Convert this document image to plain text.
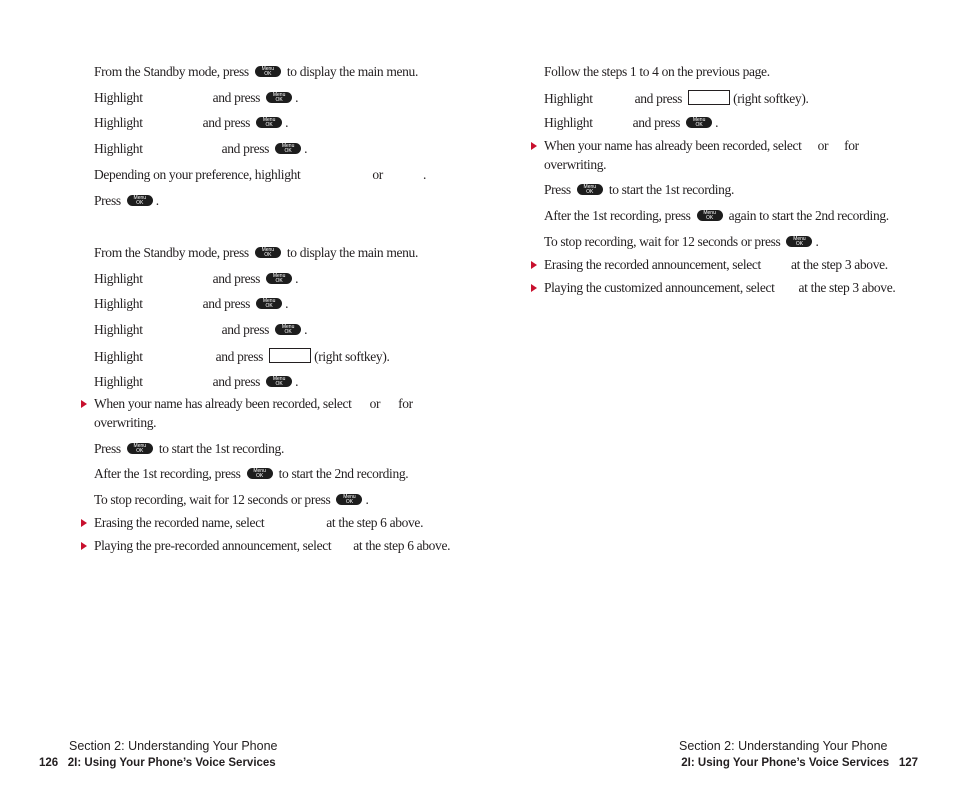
From the Standby mode, press	Menu
OK	to display the main menu.
Highlight	and press	Menu
OK .
Highlight	and press	Menu
OK .
Highlight	and press	Menu
OK .
Depending on your preference, highlight	or	.
Press	Menu
OK .
From the Standby mode, press	Menu
OK	to display the main menu.
Highlight	and press	Menu
OK .
Highlight	and press	Menu
OK .
Highlight	and press	Menu
OK .
Highlight	and press	(right softkey).
Highlight	and press	Menu
OK .
When your name has already been recorded, select or for
overwriting.
Press	Menu
OK	to start the 1st recording.
After the 1st recording, press	Menu
OK	to start the 2nd recording.
To stop recording, wait for 12 seconds or press	Menu
OK .
Erasing the recorded name, select	at the step 6 above.
Playing the pre-recorded announcement, select at the step 6 above.
Follow the steps 1 to 4 on the previous page.
Highlight	and press	(right softkey).
Highlight	and press	Menu
OK .
When your name has already been recorded, select or for
overwriting.
Press	Menu
OK	to start the 1st recording.
After the 1st recording, press	Menu
OK	again to start the 2nd recording.
To stop recording, wait for 12 seconds or press	Menu
OK .
Erasing the recorded announcement, select at the step 3 above.
Playing the customized announcement, select at the step 3 above.
Section 2: Understanding Your Phone
126 2I: Using Your Phone’s Voice Services
Section 2: Understanding Your Phone
2I: Using Your Phone’s Voice Services 127
